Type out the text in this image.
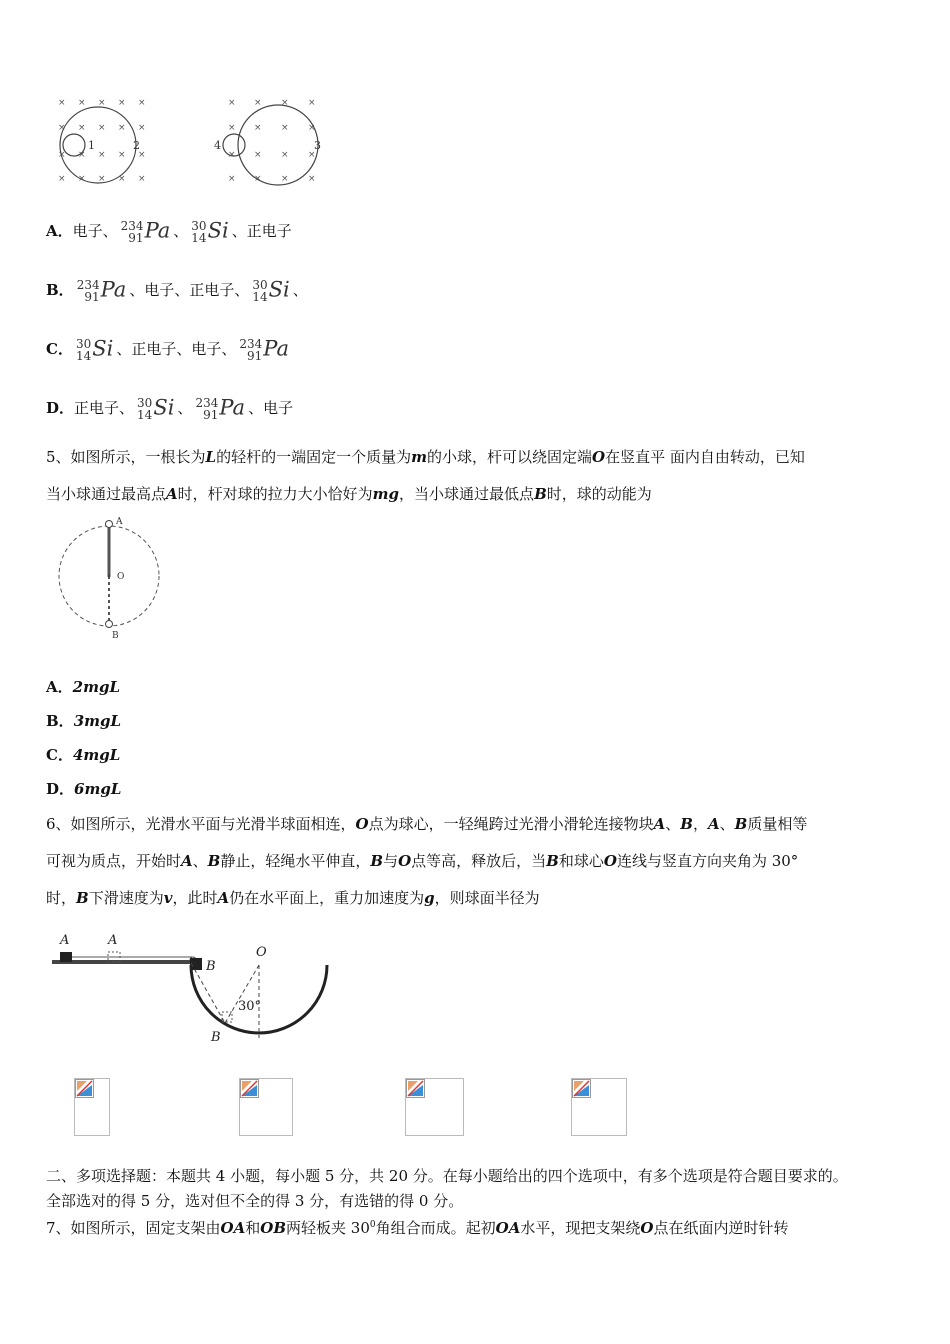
×
×
×
×
×
×
×
×
×
×
×
×
×
×
×
×
×
×
×
×
×
×
×
×
×
×
×
×
×
×
×
×
×
×
×
×
1	2	4	3
A．电子、 234
91 Pa 、 30
14 Si 、正电子
B． 234
91 Pa 、电子、正电子、 30
14 Si 、
C． 30
14 Si 、正电子、电子、 234
91 Pa
D．正电子、 30
14 Si 、 234
91 Pa 、电子
5、如图所示，一根长为L的轻杆的一端固定一个质量为m的小球，杆可以绕固定端O在竖直平 面内自由转动，已知
当小球通过最高点A时，杆对球的拉力大小恰好为mg，当小球通过最低点B时，球的动能为
A
O
B
A．2mgL
B．3mgL
C．4mgL
D．6mgL
6、如图所示，光滑水平面与光滑半球面相连，O点为球心，一轻绳跨过光滑小滑轮连接物块A、B，A、B质量相等
可视为质点，开始时A、B静止，轻绳水平伸直，B与O点等高，释放后，当B和球心O连线与竖直方向夹角为 30°
时，B下滑速度为v，此时A仍在水平面上，重力加速度为g，则球面半径为
A	A
B
B
O
30°
二、多项选择题：本题共 4 小题，每小题 5 分，共 20 分。在每小题给出的四个选项中，有多个选项是符合题目要求的。
全部选对的得 5 分，选对但不全的得 3 分，有选错的得 0 分。
7、如图所示，固定支架由OA和OB两轻板夹 $30^0$角组合而成。起初OA水平，现把支架绕O点在纸面内逆时针转
